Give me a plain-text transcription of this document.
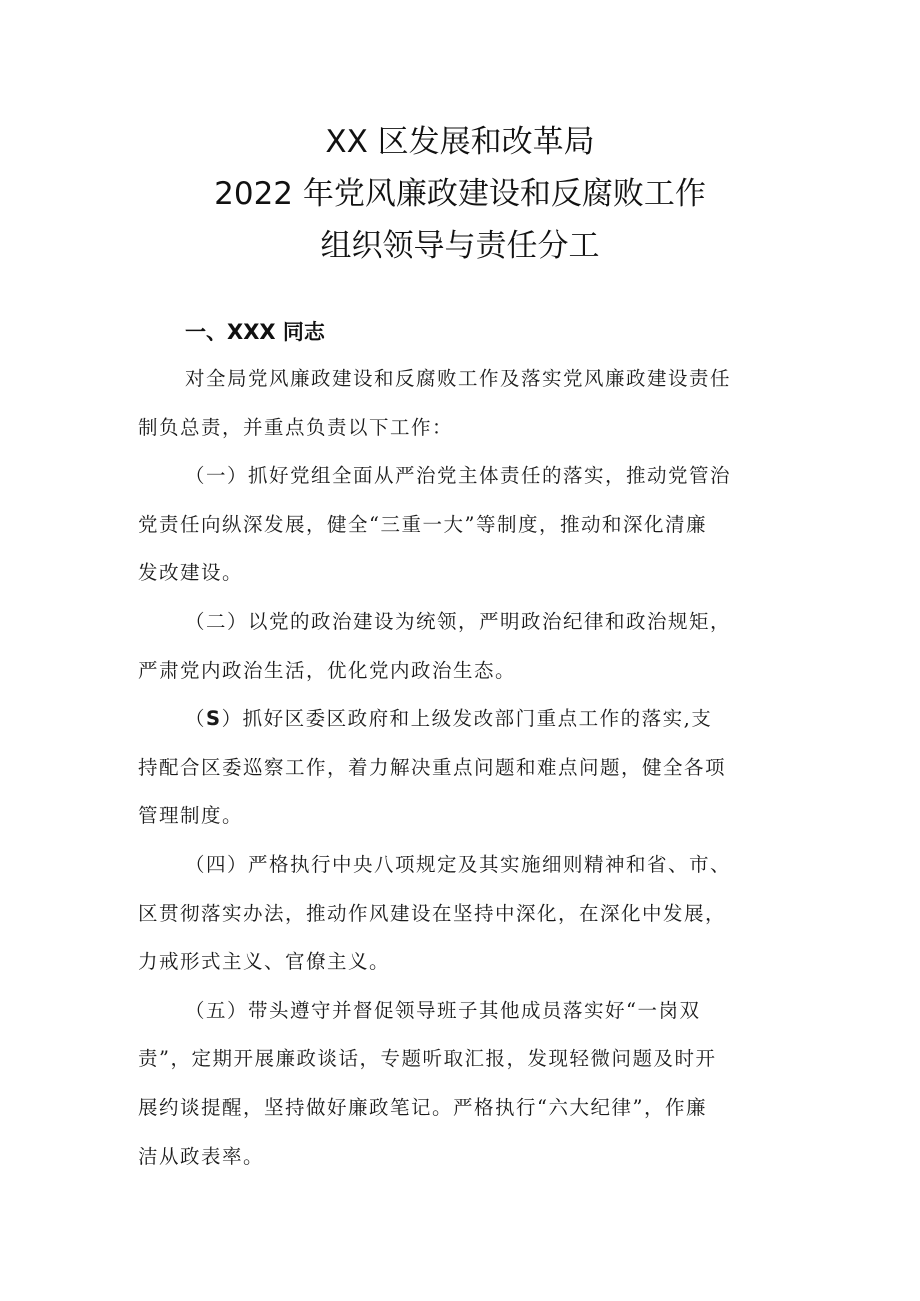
XX 区发展和改革局
2022 年党风廉政建设和反腐败工作
组织领导与责任分工
一、XXX 同志
对全局党风廉政建设和反腐败工作及落实党风廉政建设责任
制负总责，并重点负责以下工作：
（一）抓好党组全面从严治党主体责任的落实，推动党管治
党责任向纵深发展，健全“三重一大”等制度，推动和深化清廉
发改建设。
（二）以党的政治建设为统领，严明政治纪律和政治规矩，
严肃党内政治生活，优化党内政治生态。
（S）抓好区委区政府和上级发改部门重点工作的落实,支
持配合区委巡察工作，着力解决重点问题和难点问题，健全各项
管理制度。
（四）严格执行中央八项规定及其实施细则精神和省、市、
区贯彻落实办法，推动作风建设在坚持中深化，在深化中发展，
力戒形式主义、官僚主义。
（五）带头遵守并督促领导班子其他成员落实好“一岗双
责”，定期开展廉政谈话，专题听取汇报，发现轻微问题及时开
展约谈提醒，坚持做好廉政笔记。严格执行“六大纪律”，作廉
洁从政表率。
